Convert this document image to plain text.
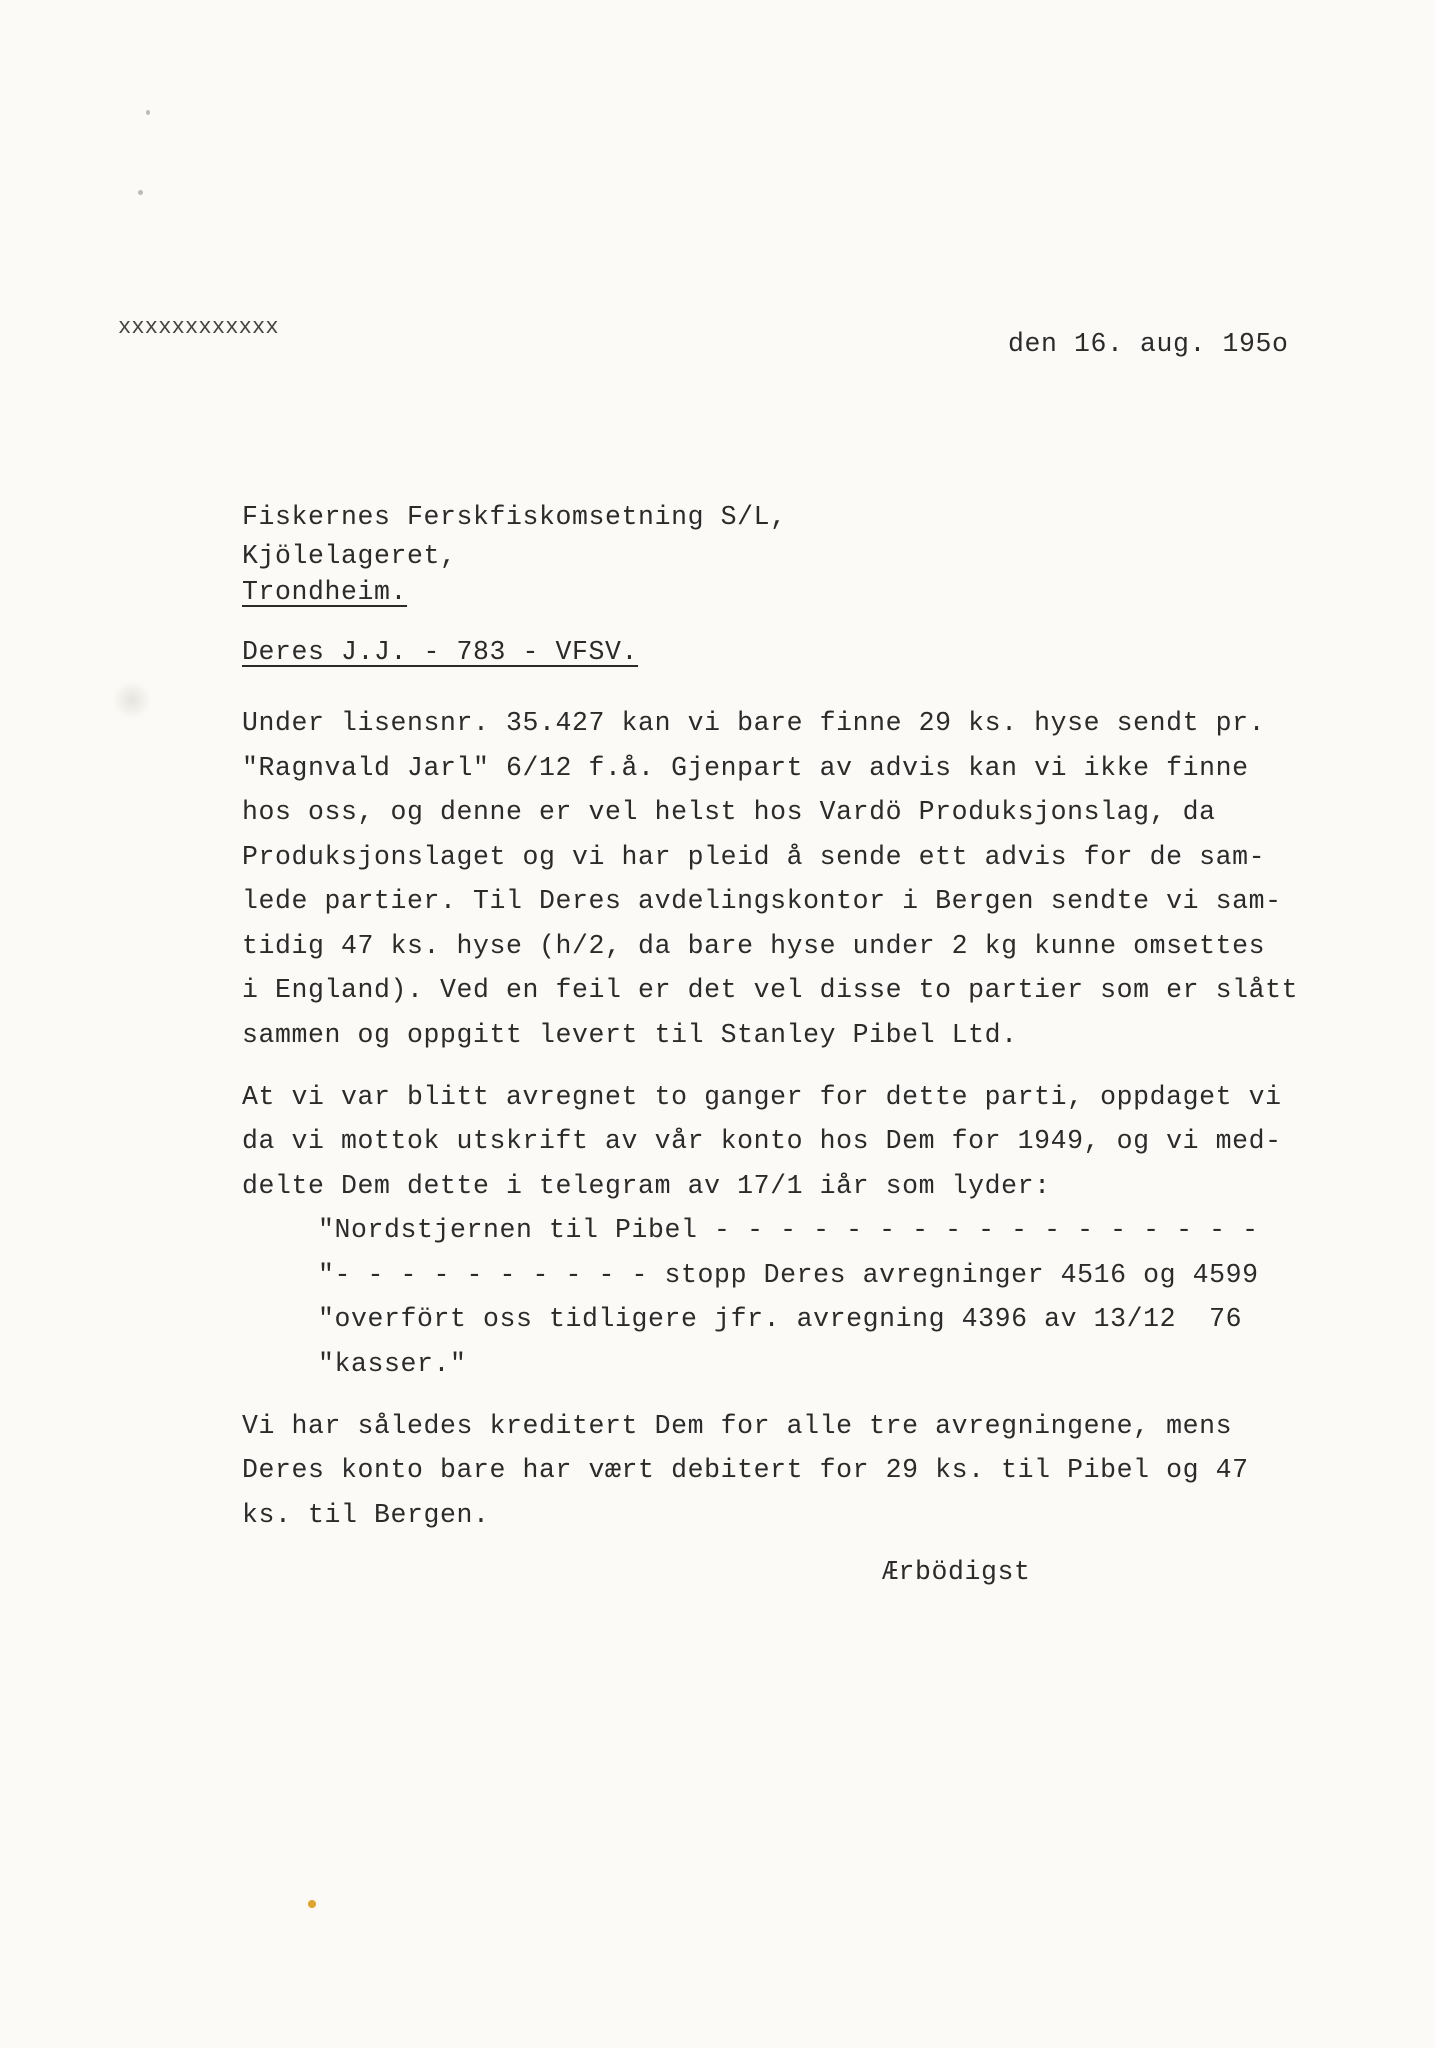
xxxxxxxxxxxx
den 16. aug. 195o
Fiskernes Ferskfiskomsetning S/L,
Kjölelageret,
Trondheim.
Deres J.J. - 783 - VFSV.
Under lisensnr. 35.427 kan vi bare finne 29 ks. hyse sendt pr.
"Ragnvald Jarl" 6/12 f.å. Gjenpart av advis kan vi ikke finne
hos oss, og denne er vel helst hos Vardö Produksjonslag, da
Produksjonslaget og vi har pleid å sende ett advis for de sam-
lede partier. Til Deres avdelingskontor i Bergen sendte vi sam-
tidig 47 ks. hyse (h/2, da bare hyse under 2 kg kunne omsettes
i England). Ved en feil er det vel disse to partier som er slått
sammen og oppgitt levert til Stanley Pibel Ltd.
At vi var blitt avregnet to ganger for dette parti, oppdaget vi
da vi mottok utskrift av vår konto hos Dem for 1949, og vi med-
delte Dem dette i telegram av 17/1 iår som lyder:
"Nordstjernen til Pibel - - - - - - - - - - - - - - - - -
"- - - - - - - - - - stopp Deres avregninger 4516 og 4599
"overfört oss tidligere jfr. avregning 4396 av 13/12  76
"kasser."
Vi har således kreditert Dem for alle tre avregningene, mens
Deres konto bare har vært debitert for 29 ks. til Pibel og 47
ks. til Bergen.
Ærbödigst
